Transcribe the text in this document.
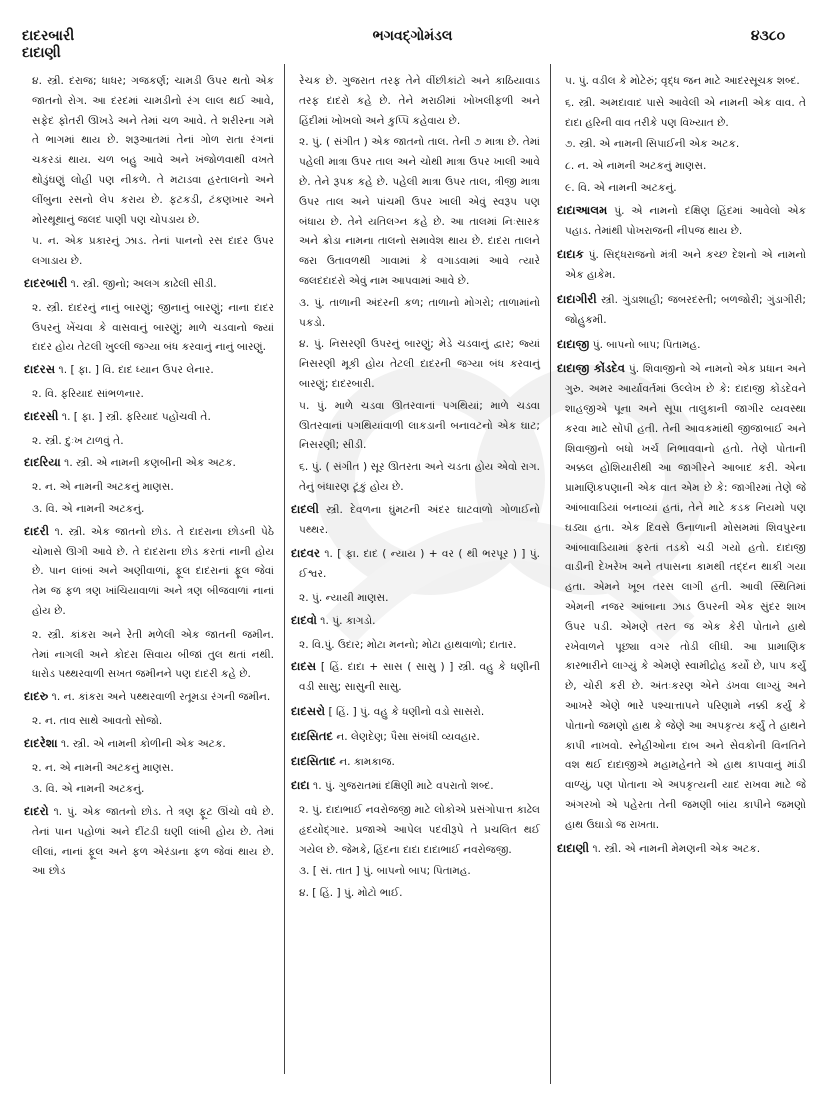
દાદરબારી
દાદાણી
ભગવદ્ગોમંડલ	૪૩૮૦
૪. સ્ત્રી. દરાજ; ધાધર; ગજકર્ણ; ચામડી ઉપર થતો એક જાતનો રોગ. આ દરદમાં ચામડીનો રંગ લાલ થઈ આવે, સફેદ ફોતરી ઊખડે અને તેમાં ચળ આવે. તે શરીરના ગમે તે ભાગમાં થાય છે. શરૂઆતમાં તેનાં ગોળ રાતા રંગનાં ચકરડાં થાય. ચળ બહુ આવે અને ખંજોળવાથી વખતે થોડુંઘણું લોહી પણ નીકળે. તે મટાડવા હરતાલનો અને લીંબુના રસનો લેપ કરાય છે. ફટકડી, ટંકણખાર અને મોરથૂથાનું જલદ પાણી પણ ચોપડાય છે.
૫. ન. એક પ્રકારનું ઝાડ. તેનાં પાનનો રસ દાદર ઉપર લગાડાય છે.
દાદરબારી ૧. સ્ત્રી. જીનો; અલગ કાઢેલી સીડી.
૨. સ્ત્રી. દાદરનું નાનું બારણું; જીનાનું બારણું; નાના દાદર ઉપરનું ખેંચવા કે વાસવાનું બારણું; માળે ચડવાનો જ્યાં દાદર હોય તેટલી ખુલ્લી જગ્યા બંધ કરવાનું નાનું બારણું.
દાદરસ ૧. [ ફા. ] વિ. દાદ ધ્યાન ઉપર લેનાર.
૨. વિ. ફરિયાદ સાંભળનાર.
દાદરસી ૧. [ ફા. ] સ્ત્રી. ફરિયાદ પહોંચવી તે.
૨. સ્ત્રી. દુઃખ ટાળવું તે.
દાદરિયા ૧. સ્ત્રી. એ નામની કણબીની એક અટક.
૨. ન. એ નામની અટકનું માણસ.
૩. વિ. એ નામની અટકનું.
દાદરી ૧. સ્ત્રી. એક જાતનો છોડ. તે દાદરાના છોડની પેઠે ચોમાસે ઊગી આવે છે. તે દાદરાના છોડ કરતાં નાની હોય છે. પાન લાંબાં અને અણીવાળાં, ફૂલ દાદરાનાં ફૂલ જેવાં તેમ જ ફળ ત્રણ ખાંચિયાવાળાં અને ત્રણ બીજવાળાં નાનાં હોય છે.
૨. સ્ત્રી. કાંકરા અને રેતી મળેલી એક જાતની જમીન. તેમાં નાગલી અને કોદરા સિવાય બીજાં તુલ થતાં નથી. ધારોડ પથ્થરવાળી સખત જમીનને પણ દાદરી કહે છે.
દાદરુ ૧. ન. કાંકરા અને પથ્થરવાળી રતૂમડા રંગની જમીન.
૨. ન. તાવ સાથે આવતો સોજો.
દાદરેશા ૧. સ્ત્રી. એ નામની કોળીની એક અટક.
૨. ન. એ નામની અટકનું માણસ.
૩. વિ. એ નામની અટકનું.
દાદરો ૧. પું. એક જાતનો છોડ. તે ત્રણ ફૂટ ઊંચો વધે છે. તેનાં પાન પહોળાં અને દીંટડી ઘણી લાંબી હોય છે. તેમાં લીલાં, નાનાં ફૂલ અને ફળ એરંડાના ફળ જેવાં થાય છે. આ છોડ
રેચક છે. ગુજરાત તરફ તેને વીંછીકાંટો અને કાઠિયાવાડ તરફ દાદરો કહે છે. તેને મરાઠીમાં ખોખલીફળી અને હિંદીમાં ખોખલો અને કુપ્પિ કહેવાય છે.
૨. પું. ( સંગીત ) એક જાતનો તાલ. તેની ૭ માત્રા છે. તેમાં પહેલી માત્રા ઉપર તાલ અને ચોથી માત્રા ઉપર ખાલી આવે છે. તેને રૂપક કહે છે. પહેલી માત્રા ઉપર તાલ, ત્રીજી માત્રા ઉપર તાલ અને પાંચમી ઉપર ખાલી એવું સ્વરૂપ પણ બંધાય છે. તેને યતિલગ્ન કહે છે. આ તાલમાં નિઃસારક અને ક્રોડા નામના તાલનો સમાવેશ થાય છે. દાદરા તાલને જરા ઉતાવળથી ગાવામાં કે વગાડવામાં આવે ત્યારે જલદદાદરો એવું નામ આપવામાં આવે છે.
૩. પું. તાળાની અંદરની કળ; તાળાનો મોગરો; તાળામાંનો પકડો.
૪. પું. નિસરણી ઉપરનું બારણું; મેડે ચડવાનું દ્વાર; જ્યાં નિસરણી મૂકી હોય તેટલી દાદરની જગ્યા બંધ કરવાનું બારણું; દાદરબારી.
૫. પું. માળે ચડવા ઊતરવાનાં પગથિયાં; માળે ચડવા ઊતરવાનાં પગથિયાંવાળી લાકડાની બનાવટનો એક ઘાટ; નિસરણી; સીડી.
૬. પું. ( સંગીત ) સૂર ઊતરતા અને ચડતા હોય એવો રાગ. તેનું બંધારણ ટૂંકું હોય છે.
દાદલી સ્ત્રી. દેવળના ઘુંમટની અંદર ઘાટવાળો ગોળાઈનો પથ્થર.
દાદવર ૧. [ ફા. દાદ ( ન્યાય ) + વર ( થી ભરપૂર ) ] પું. ઈશ્વર.
૨. પું. ન્યાયી માણસ.
દાદવો ૧. પું. કાગડો.
૨. વિ.પું. ઉદાર; મોટા મનનો; મોટા હાથવાળો; દાતાર.
દાદસ [ હિં. દાદા + સાસ ( સાસુ ) ] સ્ત્રી. વહુ કે ધણીની વડી સાસુ; સાસુની સાસુ.
દાદસરો [ હિં. ] પું. વહુ કે ધણીનો વડો સાસરો.
દાદસિતદ ન. લેણદેણ; પૈસા સંબંધી વ્યવહાર.
દાદસિતાદ ન. કામકાજ.
દાદા ૧. પું. ગુજરાતમાં દક્ષિણી માટે વપરાતો શબ્દ.
૨. પું. દાદાભાઈ નવરોજજી માટે લોકોએ પ્રસંગોપાત્ત કાઢેલ હૃદયોદ્ગાર. પ્રજાએ આપેલ પદવીરૂપે તે પ્રચલિત થઈ ગયેલ છે. જેમકે, હિંદના દાદા દાદાભાઈ નવરોજજી.
૩. [ સં. તાત ] પું. બાપનો બાપ; પિતામહ.
૪. [ હિં. ] પું. મોટો ભાઈ.
૫. પું. વડીલ કે મોટેરું; વૃદ્ધ જન માટે આદરસૂચક શબ્દ.
૬. સ્ત્રી. અમદાવાદ પાસે આવેલી એ નામની એક વાવ. તે દાદા હરિની વાવ તરીકે પણ વિખ્યાત છે.
૭. સ્ત્રી. એ નામની સિપાઈની એક અટક.
૮. ન. એ નામની અટકનું માણસ.
૯. વિ. એ નામની અટકનું.
દાદાઆલમ પું. એ નામનો દક્ષિણ હિંદમાં આવેલો એક પહાડ. તેમાંથી પોખરાજની નીપજ થાય છે.
દાદાક પું. સિદ્ધરાજનો મંત્રી અને કચ્છ દેશનો એ નામનો એક હાકેમ.
દાદાગીરી સ્ત્રી. ગુંડાશાહી; જબરદસ્તી; બળજોરી; ગુંડાગીરી; જોહુકમી.
દાદાજી પું. બાપનો બાપ; પિતામહ.
દાદાજી કોંડદેવ પું. શિવાજીનો એ નામનો એક પ્રધાન અને ગુરુ. અમર આર્યાવર્તમાં ઉલ્લેખ છે કે: દાદાજી કોંડદેવને શાહજીએ પૂના અને સૂપા તાલુકાની જાગીર વ્યવસ્થા કરવા માટે સોંપી હતી. તેની આવકમાંથી જીજાબાઈ અને શિવાજીનો બધો ખર્ચ નિભાવવાનો હતો. તેણે પોતાની અક્કલ હોશિયારીથી આ જાગીરને આબાદ કરી. એના પ્રામાણિકપણાની એક વાત એમ છે કે: જાગીરમાં તેણે જે આંબાવાડિયાં બનાવ્યાં હતાં, તેને માટે કડક નિયમો પણ ઘડ્યા હતા. એક દિવસે ઉનાળાની મોસમમાં શિવપુરના આંબાવાડિયામાં ફરતાં તડકો ચડી ગયો હતો. દાદાજી વાડીની દેખરેખ અને તપાસના કામથી તદ્દન થાકી ગયા હતા. એમને ખૂબ તરસ લાગી હતી. આવી સ્થિતિમાં એમની નજર આંબાના ઝાડ ઉપરની એક સુંદર શાખ ઉપર પડી. એમણે તરત જ એક કેરી પોતાને હાથે રખેવાળને પૂછ્યા વગર તોડી લીધી. આ પ્રામાણિક કારભારીને લાગ્યું કે એમણે સ્વામીદ્રોહ કર્યો છે, પાપ કર્યું છે, ચોરી કરી છે. અંતઃકરણ એને ડંખવા લાગ્યું અને આખરે એણે ભારે પશ્ચાત્તાપને પરિણામે નક્કી કર્યું કે પોતાનો જમણો હાથ કે જેણે આ અપકૃત્ય કર્યું તે હાથને કાપી નાખવો. સ્નેહીઓના દાબ અને સેવકોની વિનતિને વશ થઈ દાદાજીએ મહામહેનતે એ હાથ કાપવાનું માંડી વાળ્યું, પણ પોતાના એ અપકૃત્યની યાદ રાખવા માટે જે અંગરખો એ પહેરતા તેની જમણી બાંય કાપીને જમણો હાથ ઉઘાડો જ રાખતા.
દાદાણી ૧. સ્ત્રી. એ નામની મેમણની એક અટક.
